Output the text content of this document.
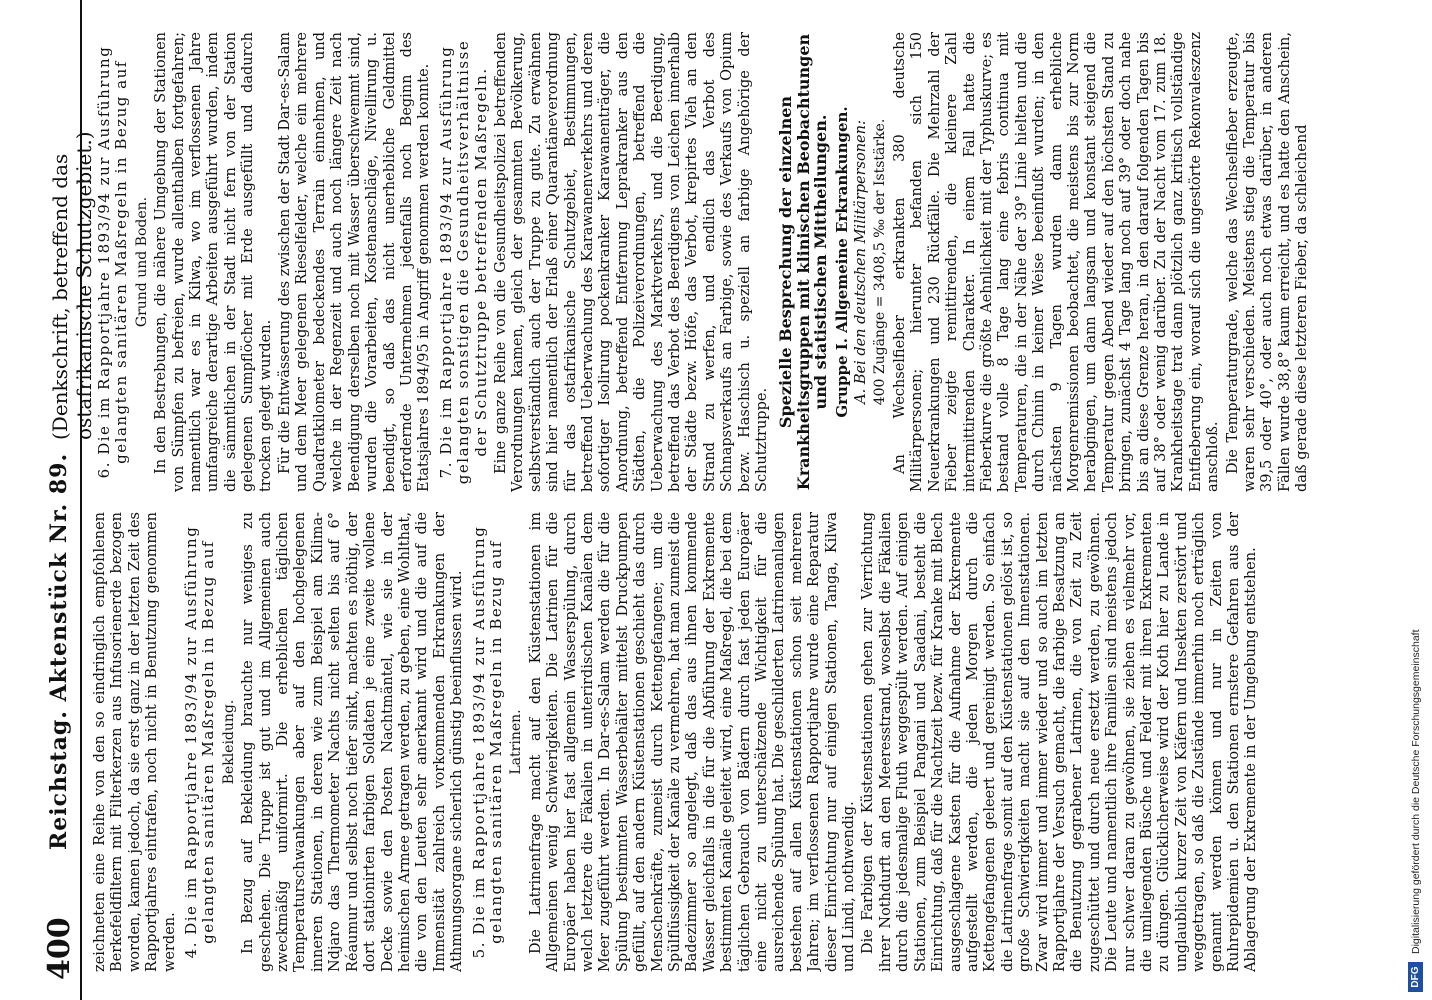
400
Reichstag. Aktenstück Nr. 89.
(Denkschrift, betreffend das ostafrikanische Schutzgebiet.)

zeichneten eine Reihe von den so eindringlich empfohlenen Berkefeldfiltern mit Filterkerzen aus Infusorienerde bezogen worden, kamen jedoch, da sie erst ganz in der letzten Zeit des Rapportjahres eintrafen, noch nicht in Benutzung genommen werden. 4. Die im Rapportjahre 1893/94 zur Ausführung gelangten sanitären Maßregeln in Bezug auf Bekleidung. In Bezug auf Bekleidung brauchte nur weniges zu geschehen. Die Truppe ist gut und im Allgemeinen auch zweckmäßig uniformirt. Die erheblichen täglichen Temperaturschwankungen aber auf den hochgelegenen inneren Stationen, in deren wie zum Beispiel am Kilima-Ndjaro das Thermometer Nachts nicht selten bis auf 6° Réaumur und selbst noch tiefer sinkt, machten es nöthig, der dort stationirten farbigen Soldaten je eine zweite wollene Decke sowie den Posten Nachtmäntel, wie sie in der heimischen Armee getragen werden, zu geben, eine Wohlthat, die von den Leuten sehr anerkannt wird und die auf die Immensität zahlreich vorkommenden Erkrankungen der Athmungsorgane sicherlich günstig beeinflussen wird. 5. Die im Rapportjahre 1893/94 zur Ausführung gelangten sanitären Maßregeln in Bezug auf Latrinen. Die Latrinenfrage macht auf den Küstenstationen im Allgemeinen wenig Schwierigkeiten. Die Latrinen für die Europäer haben hier fast allgemein Wasserspülung, durch welch letztere die Fäkalien in unterirdischen Kanälen dem Meer zugeführt werden. In Dar-es-Salam werden die für die Spülung bestimmten Wasserbehälter mittelst Druckpumpen gefüllt, auf den andern Küstenstationen geschieht das durch Menschenkräfte, zumeist durch Kettengefangene; um die Spülflüssigkeit der Kanäle zu vermehren, hat man zumeist die Badezimmer so angelegt, daß das aus ihnen kommende Wasser gleichfalls in die für die Abführung der Exkremente bestimmten Kanäle geleitet wird, eine Maßregel, die bei dem täglichen Gebrauch von Bädern durch fast jeden Europäer eine nicht zu unterschätzende Wichtigkeit für die ausreichende Spülung hat. Die geschilderten Latrinenanlagen bestehen auf allen Küstenstationen schon seit mehreren Jahren; im verflossenen Rapportjahre wurde eine Reparatur dieser Einrichtung nur auf einigen Stationen, Tanga, Kilwa und Lindi, nothwendig. Die Farbigen der Küstenstationen gehen zur Verrichtung ihrer Nothdurft an den Meeresstrand, woselbst die Fäkalien durch die jedesmalige Fluth weggespült werden. Auf einigen Stationen, zum Beispiel Pangani und Saadani, besteht die Einrichtung, daß für die Nachtzeit bezw. für Kranke mit Blech ausgeschlagene Kasten für die Aufnahme der Exkremente aufgestellt werden, die jeden Morgen durch die Kettengefangenen geleert und gereinigt werden. So einfach die Latrinenfrage somit auf den Küstenstationen gelöst ist, so große Schwierigkeiten macht sie auf den Innenstationen. Zwar wird immer und immer wieder und so auch im letzten Rapportjahre der Versuch gemacht, die farbige Besatzung an die Benutzung gegrabener Latrinen, die von Zeit zu Zeit zugeschüttet und durch neue ersetzt werden, zu gewöhnen. Die Leute und namentlich ihre Familien sind meistens jedoch nur schwer daran zu gewöhnen, sie ziehen es vielmehr vor, die umliegenden Büsche und Felder mit ihren Exkrementen zu düngen. Glücklicherweise wird der Koth hier zu Lande in unglaublich kurzer Zeit von Käfern und Insekten zerstört und weggetragen, so daß die Zustände immerhin noch erträglich genannt werden können und nur in Zeiten von Ruhrepidemien u. den Stationen ernstere Gefahren aus der Ablagerung der Exkremente in der Umgebung entstehen.

6. Die im Rapportjahre 1893/94 zur Ausführung gelangten sanitären Maßregeln in Bezug auf Grund und Boden. In den Bestrebungen, die nähere Umgebung der Stationen von Sümpfen zu befreien, wurde allenthalben fortgefahren; namentlich war es in Kilwa, wo im verflossenen Jahre umfangreiche derartige Arbeiten ausgeführt wurden, indem die sämmtlichen in der Stadt nicht fern von der Station gelegenen Sumpflöcher mit Erde ausgefüllt und dadurch trocken gelegt wurden. Für die Entwässerung des zwischen der Stadt Dar-es-Salam und dem Meer gelegenen Rieselfelder, welche ein mehrere Quadratkilometer bedeckendes Terrain einnehmen, und welche in der Regenzeit und auch noch längere Zeit nach Beendigung derselben noch mit Wasser überschwemmt sind, wurden die Vorarbeiten, Kostenanschläge, Nivellirung u. beendigt, so daß das nicht unerhebliche Geldmittel erfordernde Unternehmen jedenfalls noch Beginn des Etatsjahres 1894/95 in Angriff genommen werden konnte. 7. Die im Rapportjahre 1893/94 zur Ausführung gelangten sonstigen die Gesundheitsverhältnisse der Schutztruppe betreffenden Maßregeln. Eine ganze Reihe von die Gesundheitspolizei betreffenden Verordnungen kamen, gleich der gesammten Bevölkerung, selbstverständlich auch der Truppe zu gute. Zu erwähnen sind hier namentlich der Erlaß einer Quarantäneverordnung für das ostafrikanische Schutzgebiet, Bestimmungen, betreffend Ueberwachung des Karawanenverkehrs und deren sofortiger Isolirung pockenkranker Karawanenträger, die Anordnung, betreffend Entfernung Leprakranker aus den Städten, die Polizeiverordnungen, betreffend die Ueberwachung des Marktverkehrs, und die Beerdigung, betreffend das Verbot des Beerdigens von Leichen innerhalb der Städte bezw. Höfe, das Verbot, krepirtes Vieh an den Strand zu werfen, und endlich das Verbot des Schnapsverkaufs an Farbige, sowie des Verkaufs von Opium bezw. Haschisch u. speziell an farbige Angehörige der Schutztruppe.

Spezielle Besprechung der einzelnen Krankheitsgruppen mit klinischen Beobachtungen und statistischen Mittheilungen. Gruppe I. Allgemeine Erkrankungen. A. Bei den deutschen Militärpersonen: 400 Zugänge = 3408,5 ‰ der Iststärke. An Wechselfieber erkrankten 380 deutsche Militärpersonen; hierunter befanden sich 150 Neuerkrankungen und 230 Rückfälle. Die Mehrzahl der Fieber zeigte remittirenden, die kleinere Zahl intermittirenden Charakter. In einem Fall hatte die Fieberkurve die größte Aehnlichkeit mit der Typhuskurve; es bestand volle 8 Tage lang eine febris continua mit Temperaturen, die in der Nähe der 39° Linie hielten und die durch Chinin in keiner Weise beeinflußt wurden; in den nächsten 9 Tagen wurden dann erhebliche Morgenremissionen beobachtet, die meistens bis zur Norm herabgingen, um dann langsam und konstant steigend die Temperatur gegen Abend wieder auf den höchsten Stand zu bringen, zunächst 4 Tage lang noch auf 39° oder doch nahe bis an diese Grenze heran, in den darauf folgenden Tagen bis auf 38° oder wenig darüber. Zu der Nacht vom 17. zum 18. Krankheitstage trat dann plötzlich ganz kritisch vollständige Entfieberung ein, worauf sich die ungestörte Rekonvaleszenz anschloß. Die Temperaturgrade, welche das Wechselfieber erzeugte, waren sehr verschieden. Meistens stieg die Temperatur bis 39,5 oder 40°, oder auch noch etwas darüber, in anderen Fällen wurde 38,8° kaum erreicht, und es hatte den Anschein, daß gerade diese letzteren Fieber, da schleichend

DFG
Digitalisierung gefördert durch die Deutsche Forschungsgemeinschaft
